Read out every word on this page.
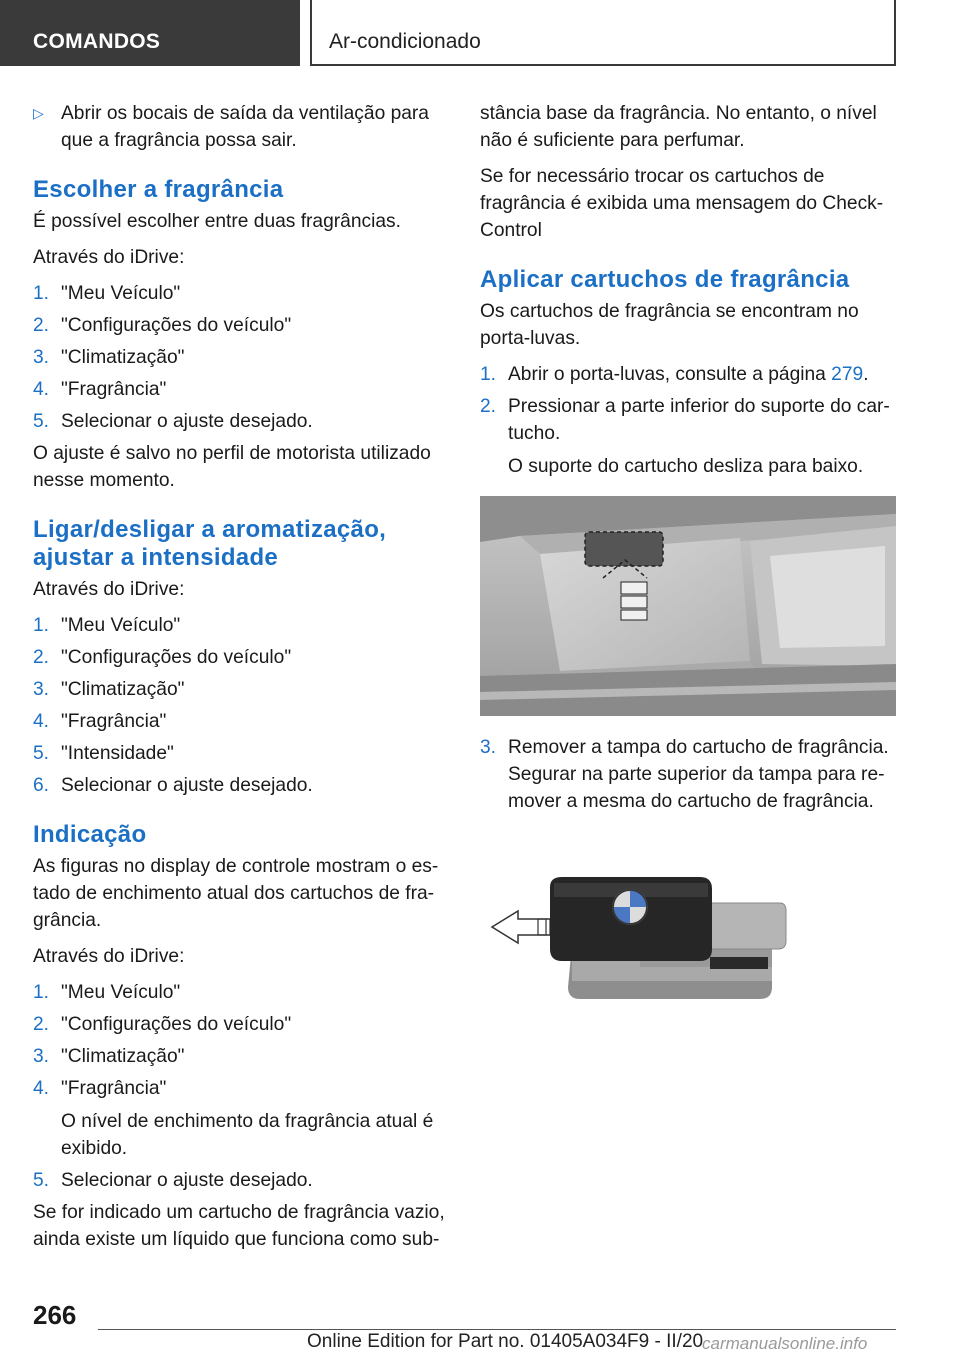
COMANDOS	Ar-condicionado
▷ Abrir os bocais de saída da ventilação para que a fragrância possa sair.
Escolher a fragrância
É possível escolher entre duas fragrâncias.
Através do iDrive:
1. "Meu Veículo"
2. "Configurações do veículo"
3. "Climatização"
4. "Fragrância"
5. Selecionar o ajuste desejado.
O ajuste é salvo no perfil de motorista utilizado nesse momento.
Ligar/desligar a aromatização, ajustar a intensidade
Através do iDrive:
1. "Meu Veículo"
2. "Configurações do veículo"
3. "Climatização"
4. "Fragrância"
5. "Intensidade"
6. Selecionar o ajuste desejado.
Indicação
As figuras no display de controle mostram o estado de enchimento atual dos cartuchos de fragrância.
Através do iDrive:
1. "Meu Veículo"
2. "Configurações do veículo"
3. "Climatização"
4. "Fragrância"
O nível de enchimento da fragrância atual é exibido.
5. Selecionar o ajuste desejado.
Se for indicado um cartucho de fragrância vazio, ainda existe um líquido que funciona como sub-
stância base da fragrância. No entanto, o nível não é suficiente para perfumar.
Se for necessário trocar os cartuchos de fragrância é exibida uma mensagem do Check-Control
Aplicar cartuchos de fragrância
Os cartuchos de fragrância se encontram no porta-luvas.
1. Abrir o porta-luvas, consulte a página 279.
2. Pressionar a parte inferior do suporte do cartucho.
O suporte do cartucho desliza para baixo.
3. Remover a tampa do cartucho de fragrância. Segurar na parte superior da tampa para remover a mesma do cartucho de fragrância.
266
Online Edition for Part no. 01405A034F9 - II/20
carmanualsonline.info
